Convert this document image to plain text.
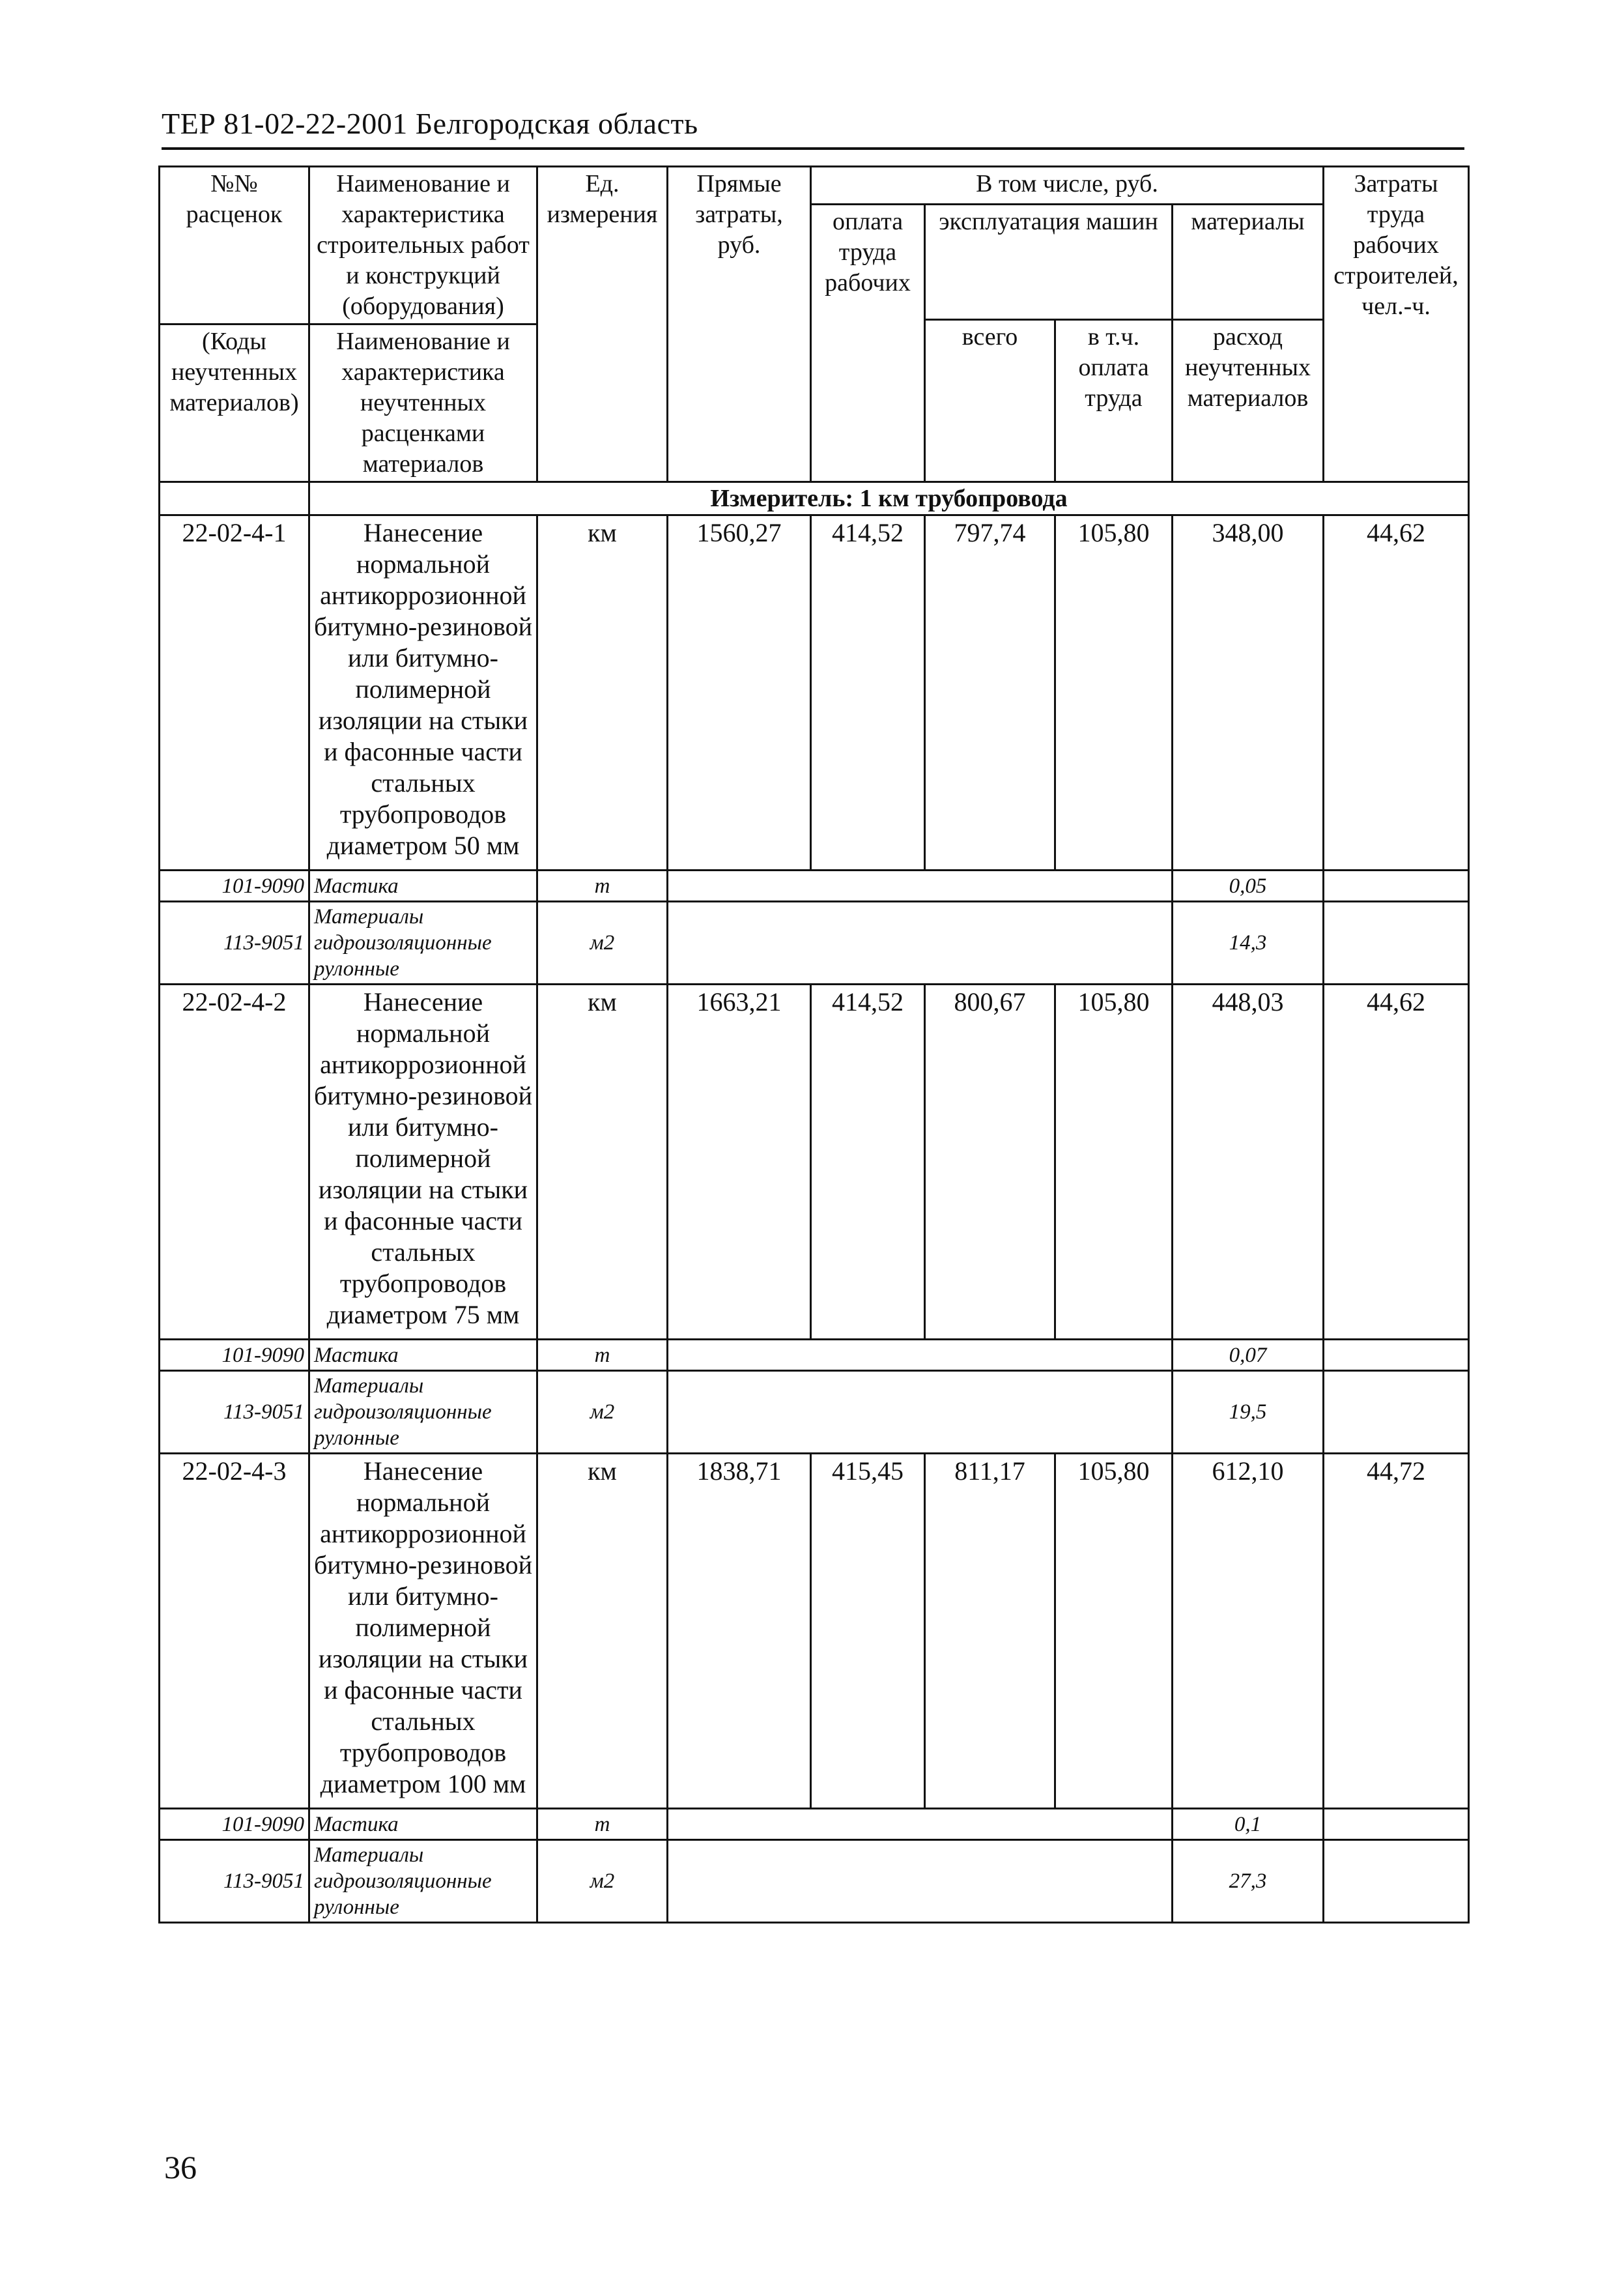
ТЕР 81-02-22-2001 Белгородская область
№№ расценок	Наименование и характеристика строительных работ и конструкций (оборудования)	Ед. измерения	Прямые затраты, руб.	В том числе, руб.				Затраты труда рабочих строителей, чел.-ч.
				оплата труда рабочих	эксплуатация машин		материалы	
					всего	в т.ч. оплата труда	расход неучтенных материалов	
(Коды неучтенных материалов)	Наименование и характеристика неучтенных расценками материалов							

	Измеритель: 1 км трубопровода							
22-02-4-1	Нанесение нормальной антикоррозионной битумно-резиновой или битумно-полимерной изоляции на стыки и фасонные части стальных трубопроводов диаметром 50 мм	км	1560,27	414,52	797,74	105,80	348,00	44,62
101-9090	Мастика	т					0,05	
113-9051	Материалы гидроизоляционные рулонные	м2					14,3	
22-02-4-2	Нанесение нормальной антикоррозионной битумно-резиновой или битумно-полимерной изоляции на стыки и фасонные части стальных трубопроводов диаметром 75 мм	км	1663,21	414,52	800,67	105,80	448,03	44,62
101-9090	Мастика	т					0,07	
113-9051	Материалы гидроизоляционные рулонные	м2					19,5	
22-02-4-3	Нанесение нормальной антикоррозионной битумно-резиновой или битумно-полимерной изоляции на стыки и фасонные части стальных трубопроводов диаметром 100 мм	км	1838,71	415,45	811,17	105,80	612,10	44,72
101-9090	Мастика	т					0,1	
113-9051	Материалы гидроизоляционные рулонные	м2					27,3	
36
